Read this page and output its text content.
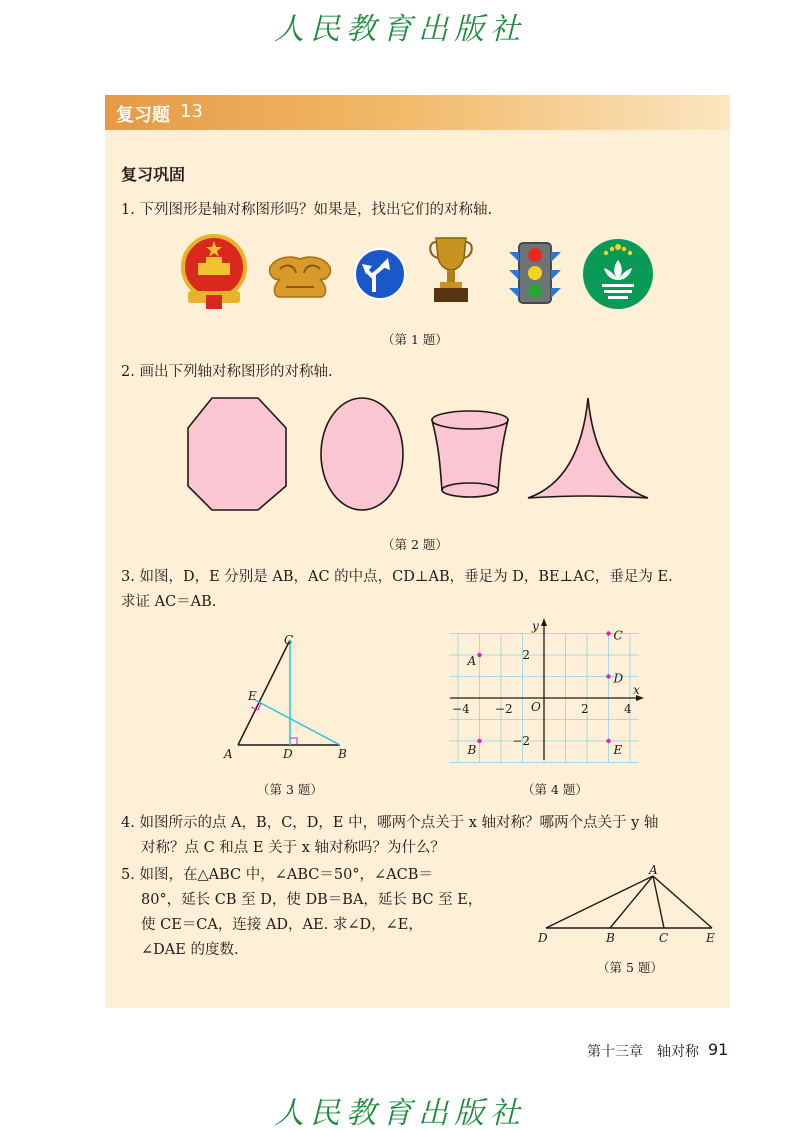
人民教育出版社
复习题 13
复习巩固
1. 下列图形是轴对称图形吗？如果是，找出它们的对称轴.
（第 1 题）
2. 画出下列轴对称图形的对称轴.
（第 2 题）
3. 如图，D，E 分别是 AB，AC 的中点，CD⊥AB，垂足为 D，BE⊥AC，垂足为 E.
求证 AC＝AB.
A	B
C
D
E
（第 3 题）
x
y
O
−4 −2	2	4
2
−2
A
B
C
D
E
（第 4 题）
4. 如图所示的点 A，B，C，D，E 中，哪两个点关于 x 轴对称？哪两个点关于 y 轴
对称？点 C 和点 E 关于 x 轴对称吗？为什么？
5. 如图，在△ABC 中，∠ABC＝50°，∠ACB＝
80°，延长 CB 至 D，使 DB＝BA，延长 BC 至 E，
使 CE＝CA，连接 AD，AE. 求∠D，∠E，
∠DAE 的度数.
A
B	C
D	E
（第 5 题）
第十三章　轴对称 91
人民教育出版社
